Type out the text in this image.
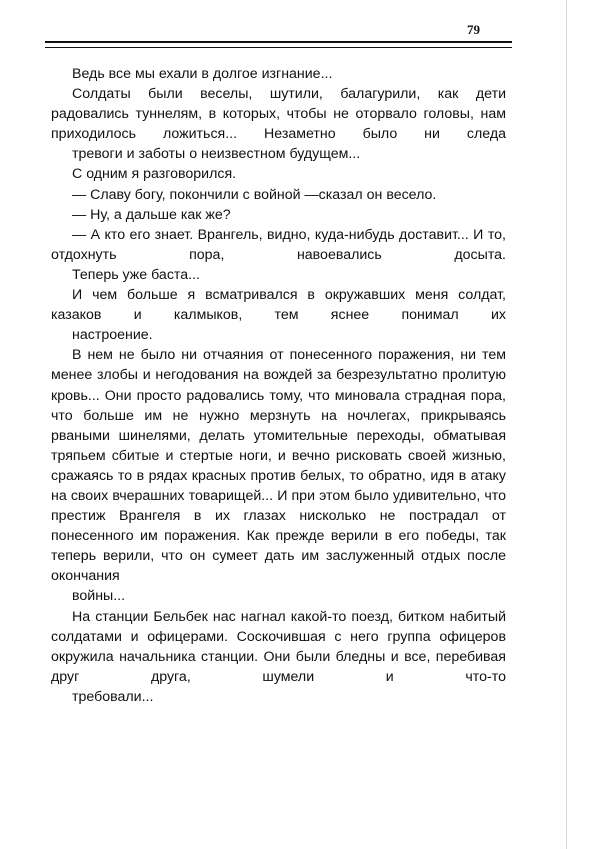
79

Ведь все мы ехали в долгое изгнание...

Солдаты были веселы, шутили, балагурили, как дети радовались туннелям, в которых, чтобы не оторвало головы, нам приходилось ложиться... Незаметно было ни следа
тревоги и заботы о неизвестном будущем...

С одним я разговорился.

— Славу богу, покончили с войной —сказал он весело.

— Ну, а дальше как же?

— А кто его знает. Врангель, видно, куда-нибудь доставит... И то, отдохнуть пора, навоевались досыта.
Теперь уже баста...

И чем больше я всматривался в окружавших меня солдат, казаков и калмыков, тем яснее понимал их
настроение.

В нем не было ни отчаяния от понесенного поражения, ни тем менее злобы и негодования на вождей за безрезультатно пролитую кровь... Они просто радовались тому, что миновала страдная пора, что больше им не нужно мерзнуть на ночлегах, прикрываясь рваными шинелями, делать утомительные переходы, обматывая тряпьем сбитые и стертые ноги, и вечно рисковать своей жизнью, сражаясь то в рядах красных против белых, то обратно, идя в атаку на своих вчерашних товарищей... И при этом было удивительно, что престиж Врангеля в их глазах нисколько не пострадал от понесенного им поражения. Как прежде верили в его победы, так теперь верили, что он сумеет дать им заслуженный отдых после окончания
войны...

На станции Бельбек нас нагнал какой-то поезд, битком набитый солдатами и офицерами. Соскочившая с него группа офицеров окружила начальника станции. Они были бледны и все, перебивая друг друга, шумели и что-то
требовали...
